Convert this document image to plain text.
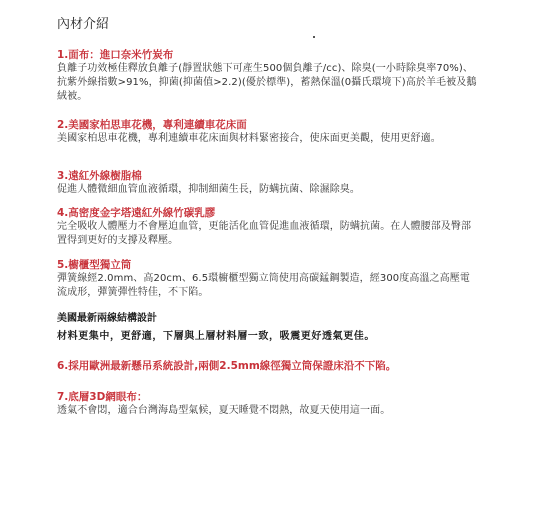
內材介紹
1.面布：進口奈米竹炭布
負離子功效極佳釋放負離子(靜置狀態下可產生500個負離子/cc)、除臭(一小時除臭率70%)、抗紫外線指數>91%，抑菌(抑菌值>2.2)(優於標準)，蓄熱保溫(0攝氏環境下)高於羊毛被及鵝絨被。
2.美國家柏思車花機，專利連續車花床面
美國家柏思車花機，專利連續車花床面與材料緊密接合，使床面更美觀，使用更舒適。
3.遠紅外線樹脂棉
促進人體微細血管血液循環，抑制細菌生長，防螨抗菌、除濕除臭。
4.高密度金字塔遠紅外線竹碳乳膠
完全吸收人體壓力不會壓迫血管，更能活化血管促進血液循環，防螨抗菌。在人體腰部及臀部置得到更好的支撐及釋壓。
5.櫥櫃型獨立筒
彈簧線經2.0mm、高20cm、6.5環櫥櫃型獨立筒使用高碳錳鋼製造，經300度高溫之高壓電流成形，彈簧彈性特佳，不下陷。
美國最新兩線結構設計
材料更集中，更舒適，下層與上層材料層一致，吸震更好透氣更佳。
6.採用歐洲最新懸吊系統設計,兩側2.5mm線徑獨立筒保證床沿不下陷。
7.底層3D網眼布：
透氣不會悶，適合台灣海島型氣候，夏天睡覺不悶熱，故夏天使用這一面。
